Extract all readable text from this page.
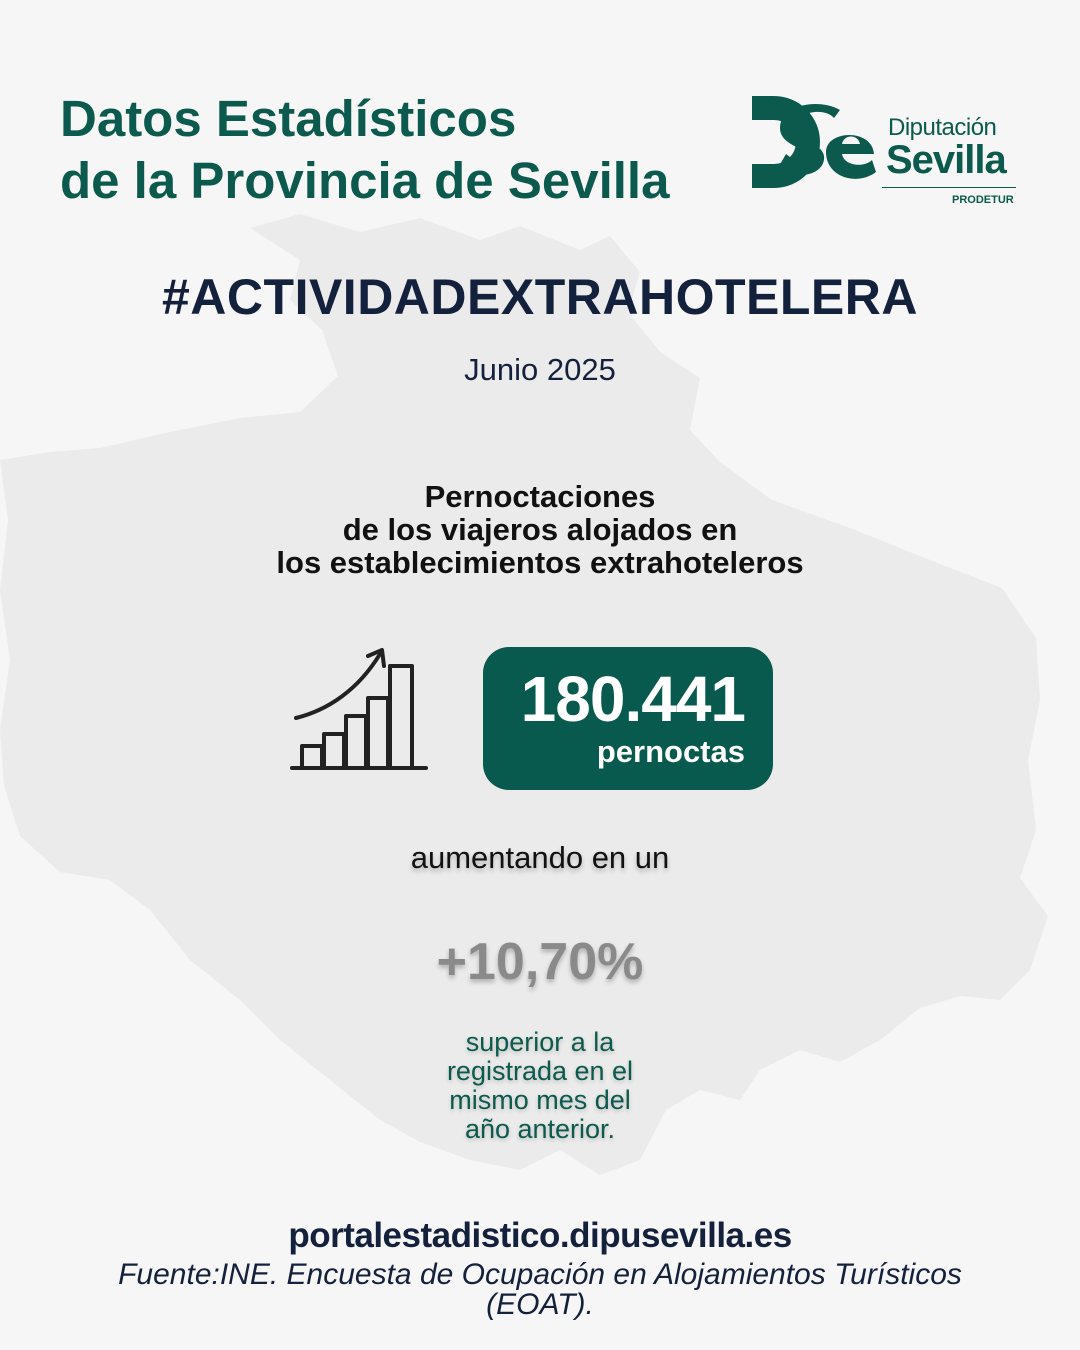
Datos Estadísticos
de la Provincia de Sevilla
Diputación
Sevilla
PRODETUR
#ACTIVIDADEXTRAHOTELERA
Junio 2025
Pernoctaciones
de los viajeros alojados en
los establecimientos extrahoteleros
180.441
pernoctas
aumentando en un
+10,70%
superior a la
registrada en el
mismo mes del
año anterior.
portalestadistico.dipusevilla.es
Fuente:INE. Encuesta de Ocupación en Alojamientos Turísticos (EOAT).
